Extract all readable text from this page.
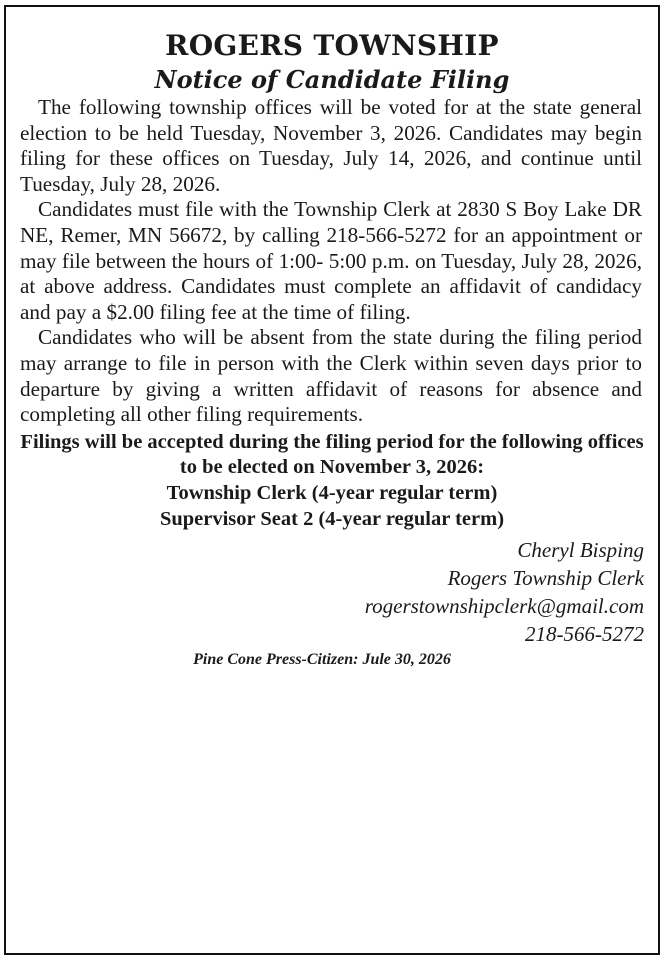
ROGERS TOWNSHIP
Notice of Candidate Filing

The following township offices will be voted for at the state general election to be held Tuesday, November 3, 2026. Candidates may begin filing for these offices on Tuesday, July 14, 2026, and continue until Tuesday, July 28, 2026.

Candidates must file with the Township Clerk at 2830 S Boy Lake DR NE, Remer, MN 56672, by calling 218-566-5272 for an appointment or may file between the hours of 1:00- 5:00 p.m. on Tuesday, July 28, 2026, at above address. Candidates must complete an affidavit of candidacy and pay a $2.00 filing fee at the time of filing.

Candidates who will be absent from the state during the filing period may arrange to file in person with the Clerk within seven days prior to departure by giving a written affidavit of reasons for absence and completing all other filing requirements.

Filings will be accepted during the filing period for the following offices to be elected on November 3, 2026:
Township Clerk (4-year regular term)
Supervisor Seat 2 (4-year regular term)
Cheryl Bisping
Rogers Township Clerk
rogerstownshipclerk@gmail.com
218-566-5272
Pine Cone Press-Citizen: Jule 30, 2026
